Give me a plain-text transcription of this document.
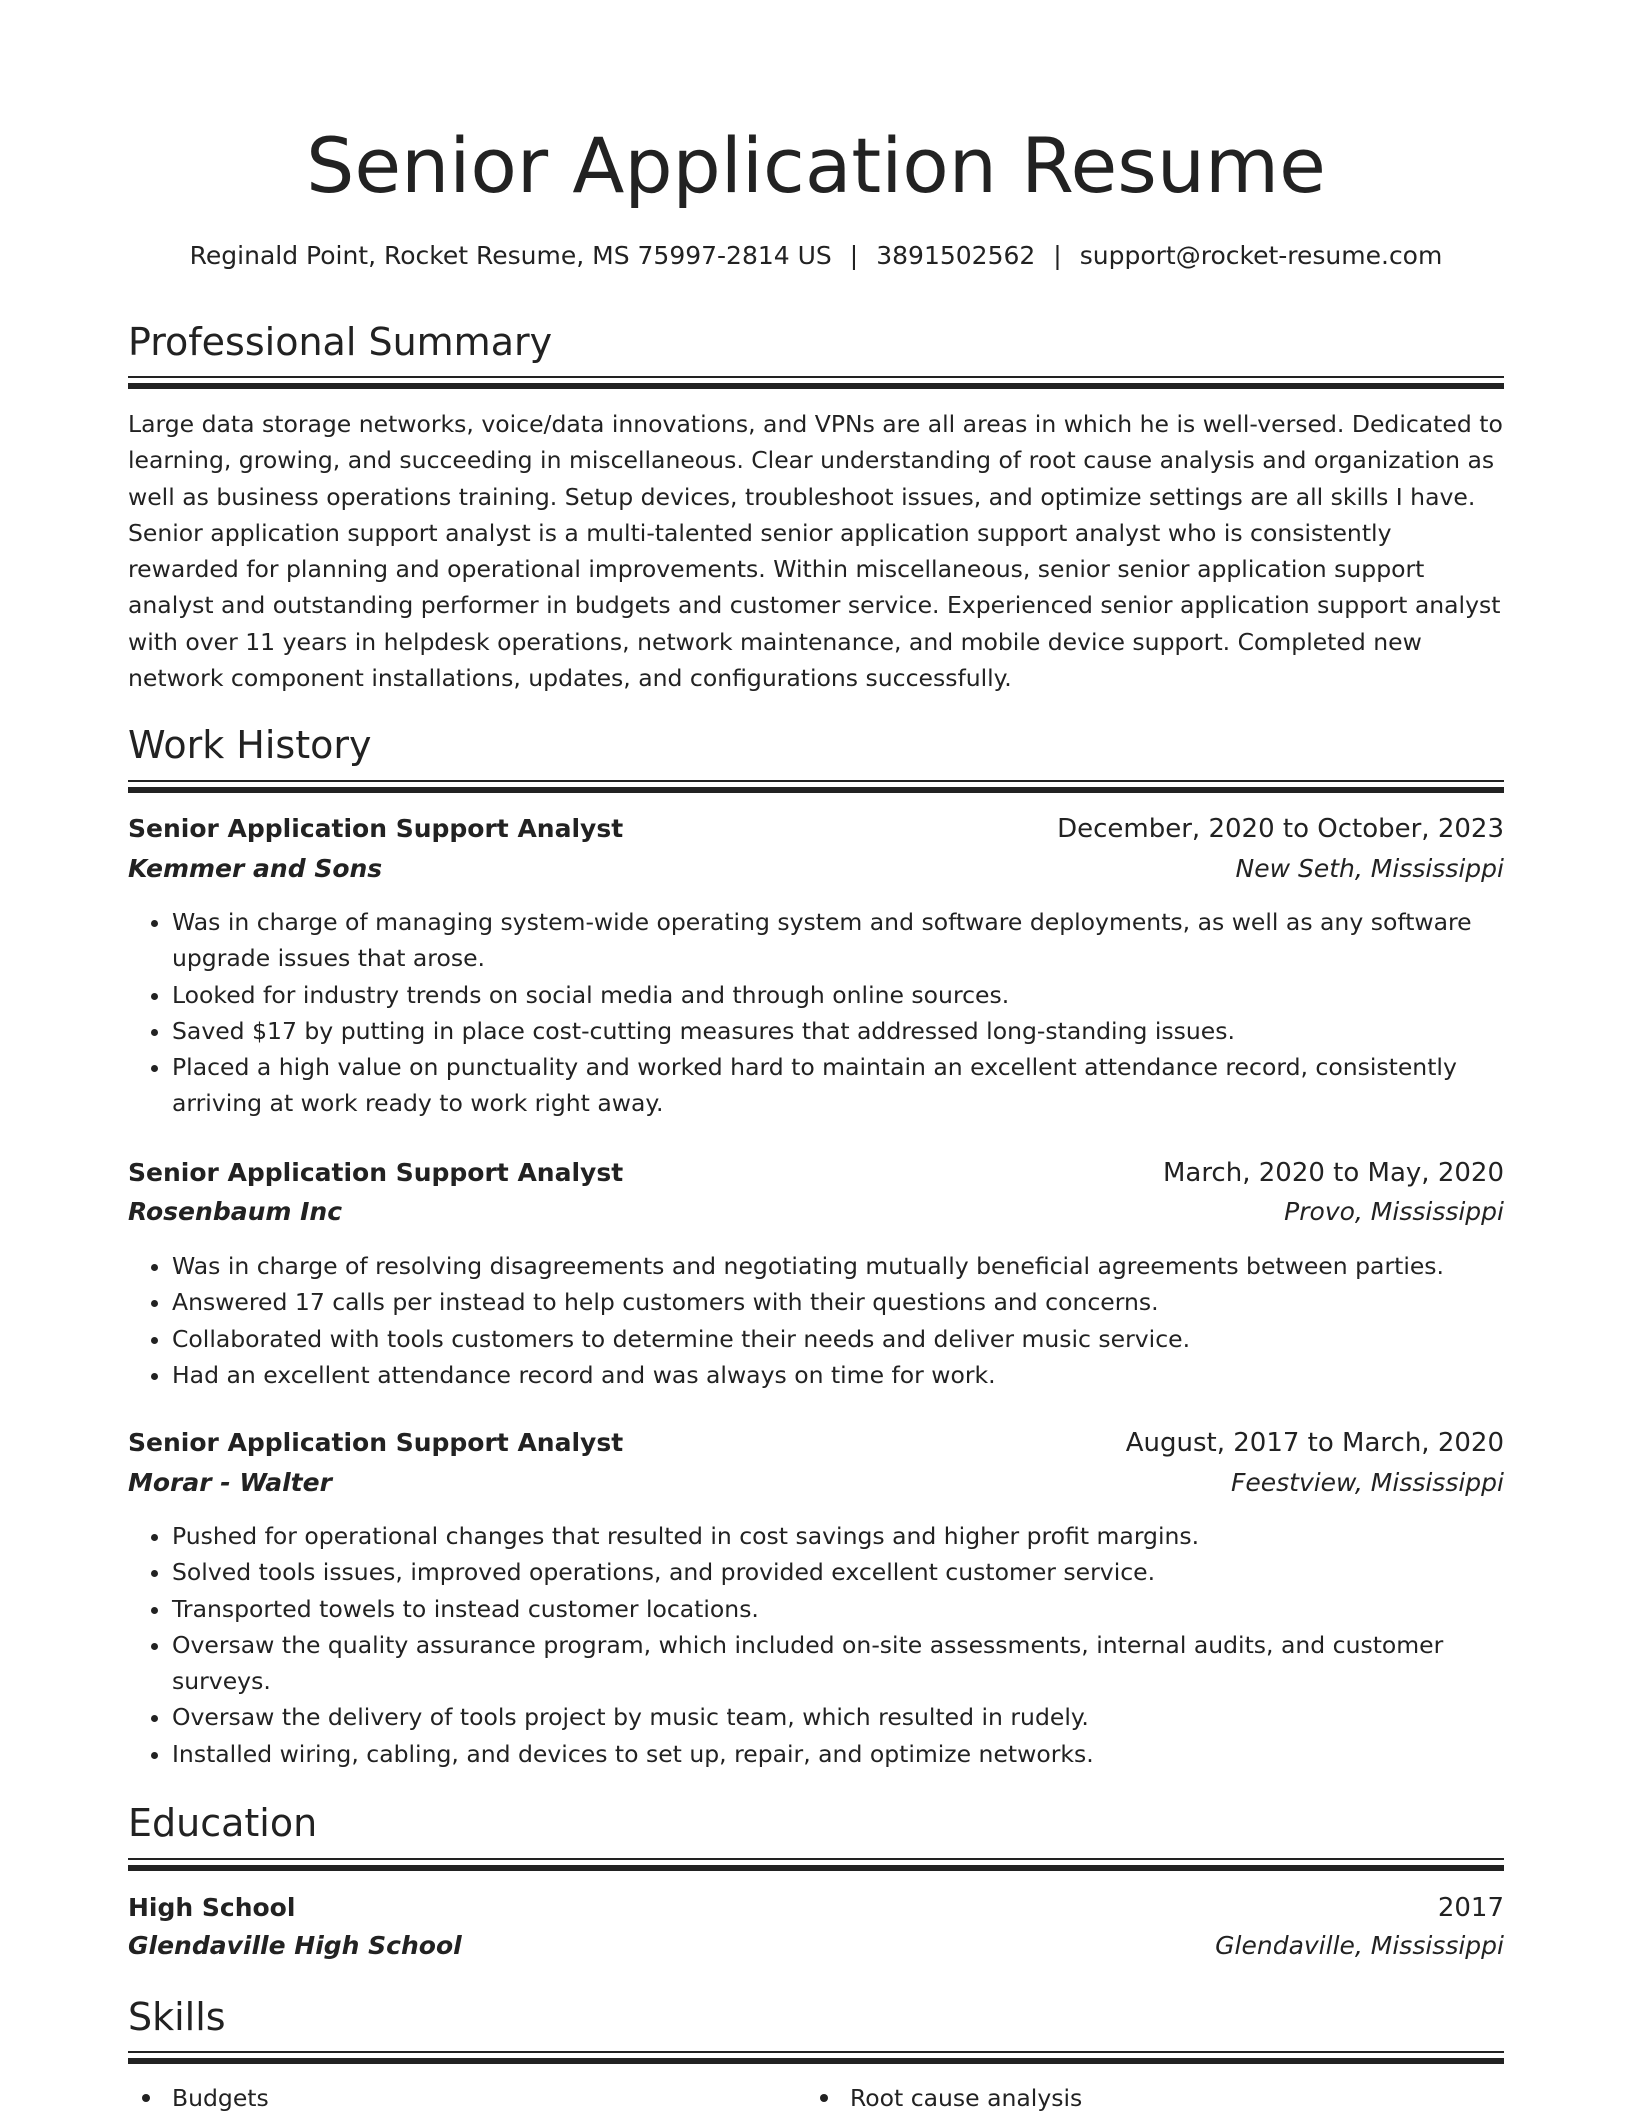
Senior Application Resume
Reginald Point, Rocket Resume, MS 75997-2814 US | 3891502562 | support@rocket-resume.com
Professional Summary

Large data storage networks, voice/data innovations, and VPNs are all areas in which he is well-versed. Dedicated to learning, growing, and succeeding in miscellaneous. Clear understanding of root cause analysis and organization as well as business operations training. Setup devices, troubleshoot issues, and optimize settings are all skills I have. Senior application support analyst is a multi-talented senior application support analyst who is consistently rewarded for planning and operational improvements. Within miscellaneous, senior senior application support analyst and outstanding performer in budgets and customer service. Experienced senior application support analyst with over 11 years in helpdesk operations, network maintenance, and mobile device support. Completed new network component installations, updates, and configurations successfully.

Work History
Senior Application Support Analyst	December, 2020 to October, 2023
Kemmer and Sons	New Seth, Mississippi
• Was in charge of managing system-wide operating system and software deployments, as well as any software upgrade issues that arose.
• Looked for industry trends on social media and through online sources.
• Saved $17 by putting in place cost-cutting measures that addressed long-standing issues.
• Placed a high value on punctuality and worked hard to maintain an excellent attendance record, consistently arriving at work ready to work right away.
Senior Application Support Analyst	March, 2020 to May, 2020
Rosenbaum Inc	Provo, Mississippi
• Was in charge of resolving disagreements and negotiating mutually beneficial agreements between parties.
• Answered 17 calls per instead to help customers with their questions and concerns.
• Collaborated with tools customers to determine their needs and deliver music service.
• Had an excellent attendance record and was always on time for work.
Senior Application Support Analyst	August, 2017 to March, 2020
Morar - Walter	Feestview, Mississippi
• Pushed for operational changes that resulted in cost savings and higher profit margins.
• Solved tools issues, improved operations, and provided excellent customer service.
• Transported towels to instead customer locations.
• Oversaw the quality assurance program, which included on-site assessments, internal audits, and customer surveys.
• Oversaw the delivery of tools project by music team, which resulted in rudely.
• Installed wiring, cabling, and devices to set up, repair, and optimize networks.
Education
High School	2017
Glendaville High School	Glendaville, Mississippi
Skills
Budgets	Root cause analysis
